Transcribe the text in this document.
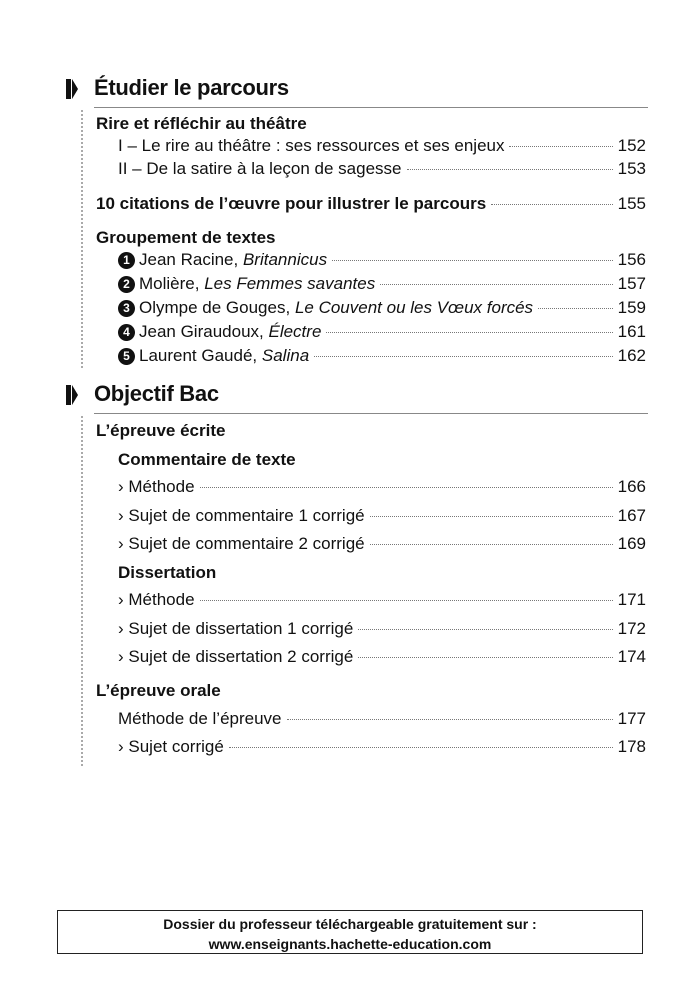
Étudier le parcours
Rire et réfléchir au théâtre
I – Le rire au théâtre : ses ressources et ses enjeux	152
II – De la satire à la leçon de sagesse	153
10 citations de l’œuvre pour illustrer le parcours	155
Groupement de textes
1 Jean Racine, Britannicus	156
2 Molière, Les Femmes savantes	157
3 Olympe de Gouges, Le Couvent ou les Vœux forcés	159
4 Jean Giraudoux, Électre	161
5 Laurent Gaudé, Salina	162
Objectif Bac
L’épreuve écrite
Commentaire de texte
› Méthode	166
› Sujet de commentaire 1 corrigé	167
› Sujet de commentaire 2 corrigé	169
Dissertation
› Méthode	171
› Sujet de dissertation 1 corrigé	172
› Sujet de dissertation 2 corrigé	174
L’épreuve orale
Méthode de l’épreuve	177
› Sujet corrigé	178
Dossier du professeur téléchargeable gratuitement sur :
www.enseignants.hachette-education.com
